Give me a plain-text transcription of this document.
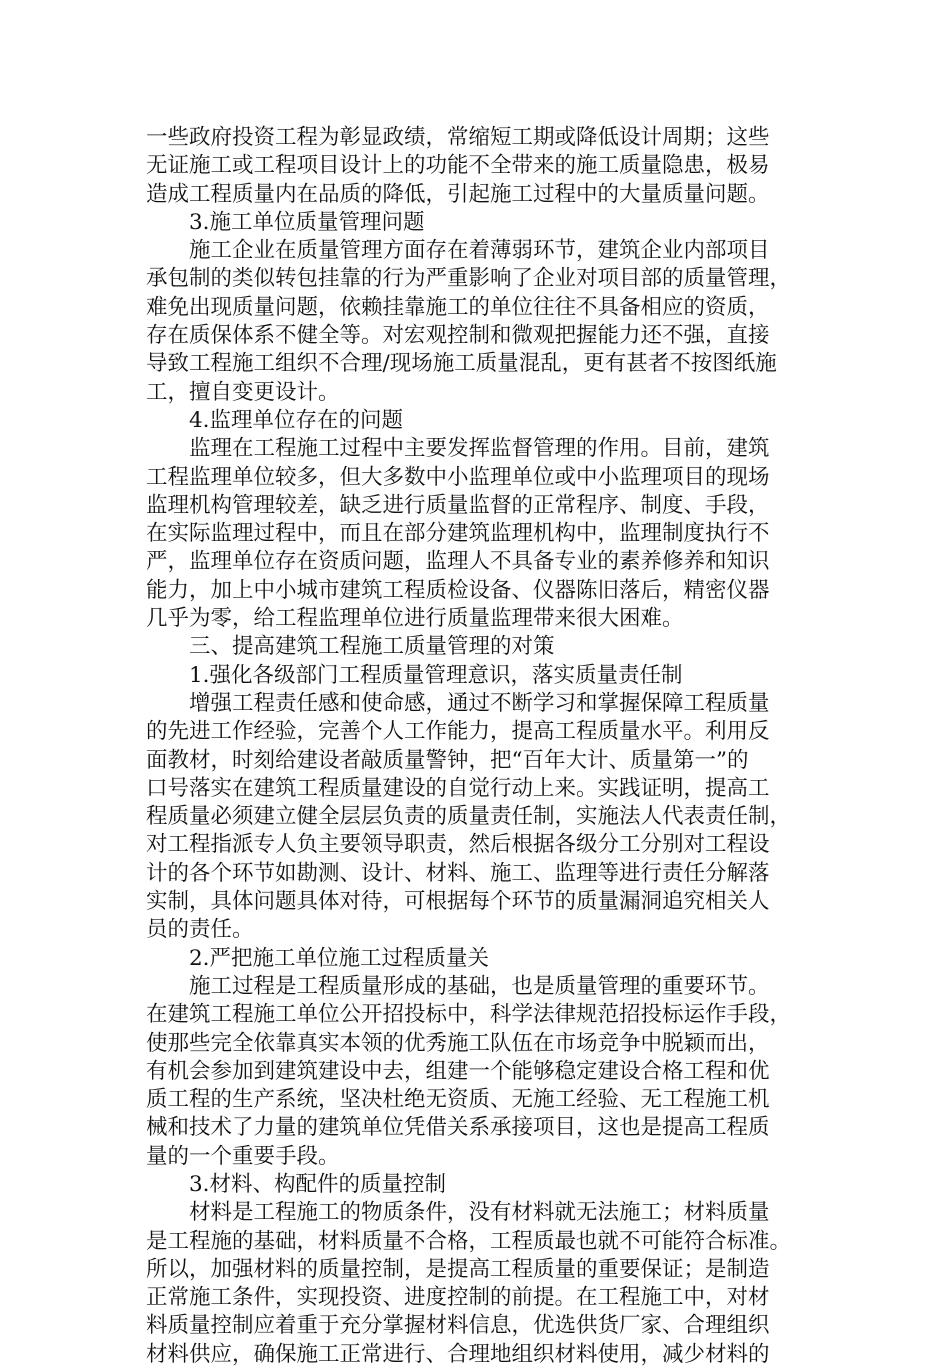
一些政府投资工程为彰显政绩，常缩短工期或降低设计周期；这些
无证施工或工程项目设计上的功能不全带来的施工质量隐患，极易
造成工程质量内在品质的降低，引起施工过程中的大量质量问题。
3.施工单位质量管理问题
施工企业在质量管理方面存在着薄弱环节，建筑企业内部项目
承包制的类似转包挂靠的行为严重影响了企业对项目部的质量管理，
难免出现质量问题，依赖挂靠施工的单位往往不具备相应的资质，
存在质保体系不健全等。对宏观控制和微观把握能力还不强，直接
导致工程施工组织不合理/现场施工质量混乱，更有甚者不按图纸施
工，擅自变更设计。
4.监理单位存在的问题
监理在工程施工过程中主要发挥监督管理的作用。目前，建筑
工程监理单位较多，但大多数中小监理单位或中小监理项目的现场
监理机构管理较差，缺乏进行质量监督的正常程序、制度、手段，
在实际监理过程中，而且在部分建筑监理机构中，监理制度执行不
严，监理单位存在资质问题，监理人不具备专业的素养修养和知识
能力，加上中小城市建筑工程质检设备、仪器陈旧落后，精密仪器
几乎为零，给工程监理单位进行质量监理带来很大困难。
三、提高建筑工程施工质量管理的对策
1.强化各级部门工程质量管理意识，落实质量责任制
增强工程责任感和使命感，通过不断学习和掌握保障工程质量
的先进工作经验，完善个人工作能力，提高工程质量水平。利用反
面教材，时刻给建设者敲质量警钟，把“百年大计、质量第一”的
口号落实在建筑工程质量建设的自觉行动上来。实践证明，提高工
程质量必须建立健全层层负责的质量责任制，实施法人代表责任制，
对工程指派专人负主要领导职责，然后根据各级分工分别对工程设
计的各个环节如勘测、设计、材料、施工、监理等进行责任分解落
实制，具体问题具体对待，可根据每个环节的质量漏洞追究相关人
员的责任。
2.严把施工单位施工过程质量关
施工过程是工程质量形成的基础，也是质量管理的重要环节。
在建筑工程施工单位公开招投标中，科学法律规范招投标运作手段，
使那些完全依靠真实本领的优秀施工队伍在市场竞争中脱颖而出，
有机会参加到建筑建设中去，组建一个能够稳定建设合格工程和优
质工程的生产系统，坚决杜绝无资质、无施工经验、无工程施工机
械和技术了力量的建筑单位凭借关系承接项目，这也是提高工程质
量的一个重要手段。
3.材料、构配件的质量控制
材料是工程施工的物质条件，没有材料就无法施工；材料质量
是工程施的基础，材料质量不合格，工程质最也就不可能符合标准。
所以，加强材料的质量控制，是提高工程质量的重要保证；是制造
正常施工条件，实现投资、进度控制的前提。在工程施工中，对材
料质量控制应着重于充分掌握材料信息，优选供货厂家、合理组织
材料供应，确保施工正常进行、合理地组织材料使用，减少材料的
